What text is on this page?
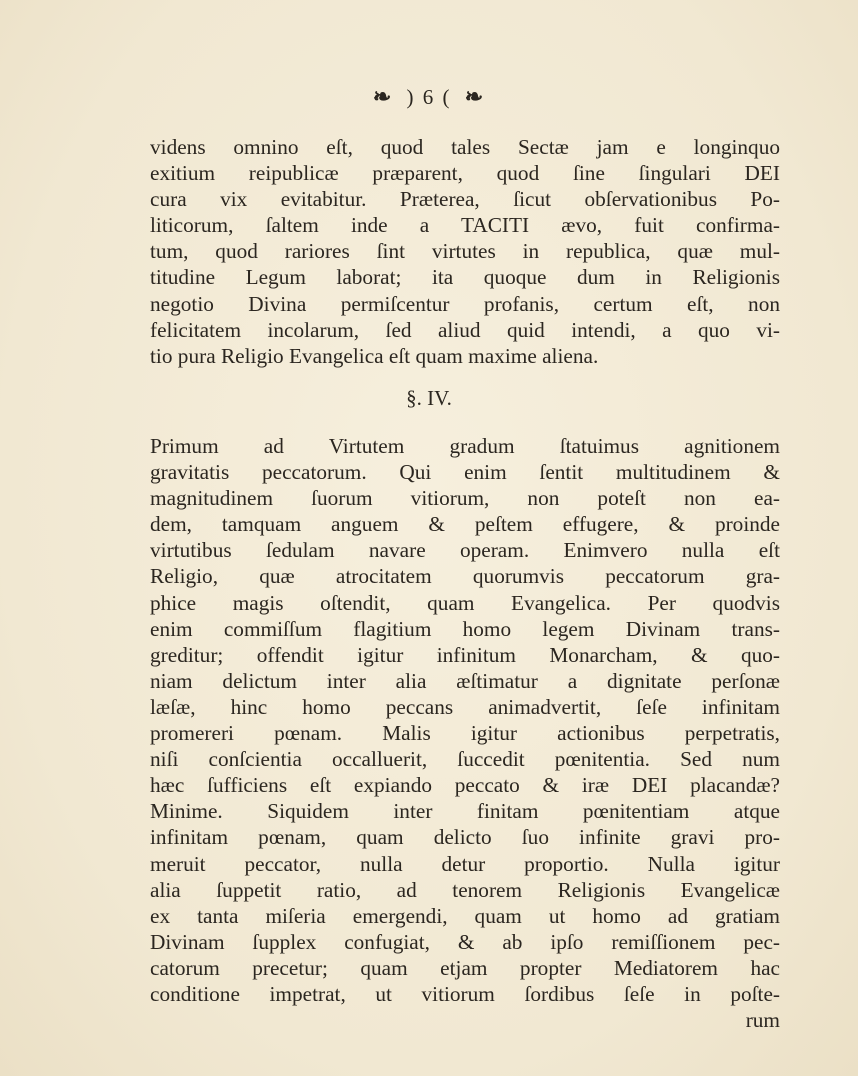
❧ ) 6 ( ❧
videns omnino eſt, quod tales Sectæ jam e longinquo
exitium reipublicæ præparent, quod ſine ſingulari DEI
cura vix evitabitur. Præterea, ſicut obſervationibus Po-
liticorum, ſaltem inde a TACITI ævo, fuit confirma-
tum, quod rariores ſint virtutes in republica, quæ mul-
titudine Legum laborat; ita quoque dum in Religionis
negotio Divina permiſcentur profanis, certum eſt, non
felicitatem incolarum, ſed aliud quid intendi, a quo vi-
tio pura Religio Evangelica eſt quam maxime aliena.
§. IV.
Primum ad Virtutem gradum ſtatuimus agnitionem
gravitatis peccatorum. Qui enim ſentit multitudinem &
magnitudinem ſuorum vitiorum, non poteſt non ea-
dem, tamquam anguem & peſtem effugere, & proinde
virtutibus ſedulam navare operam. Enimvero nulla eſt
Religio, quæ atrocitatem quorumvis peccatorum gra-
phice magis oſtendit, quam Evangelica. Per quodvis
enim commiſſum flagitium homo legem Divinam trans-
greditur; offendit igitur infinitum Monarcham, & quo-
niam delictum inter alia æſtimatur a dignitate perſonæ
læſæ, hinc homo peccans animadvertit, ſeſe infinitam
promereri pœnam. Malis igitur actionibus perpetratis,
niſi conſcientia occalluerit, ſuccedit pœnitentia. Sed num
hæc ſufficiens eſt expiando peccato & iræ DEI placandæ?
Minime. Siquidem inter finitam pœnitentiam atque
infinitam pœnam, quam delicto ſuo infinite gravi pro-
meruit peccator, nulla detur proportio. Nulla igitur
alia ſuppetit ratio, ad tenorem Religionis Evangelicæ
ex tanta miſeria emergendi, quam ut homo ad gratiam
Divinam ſupplex confugiat, & ab ipſo remiſſionem pec-
catorum precetur; quam etjam propter Mediatorem hac
conditione impetrat, ut vitiorum ſordibus ſeſe in poſte-
rum
